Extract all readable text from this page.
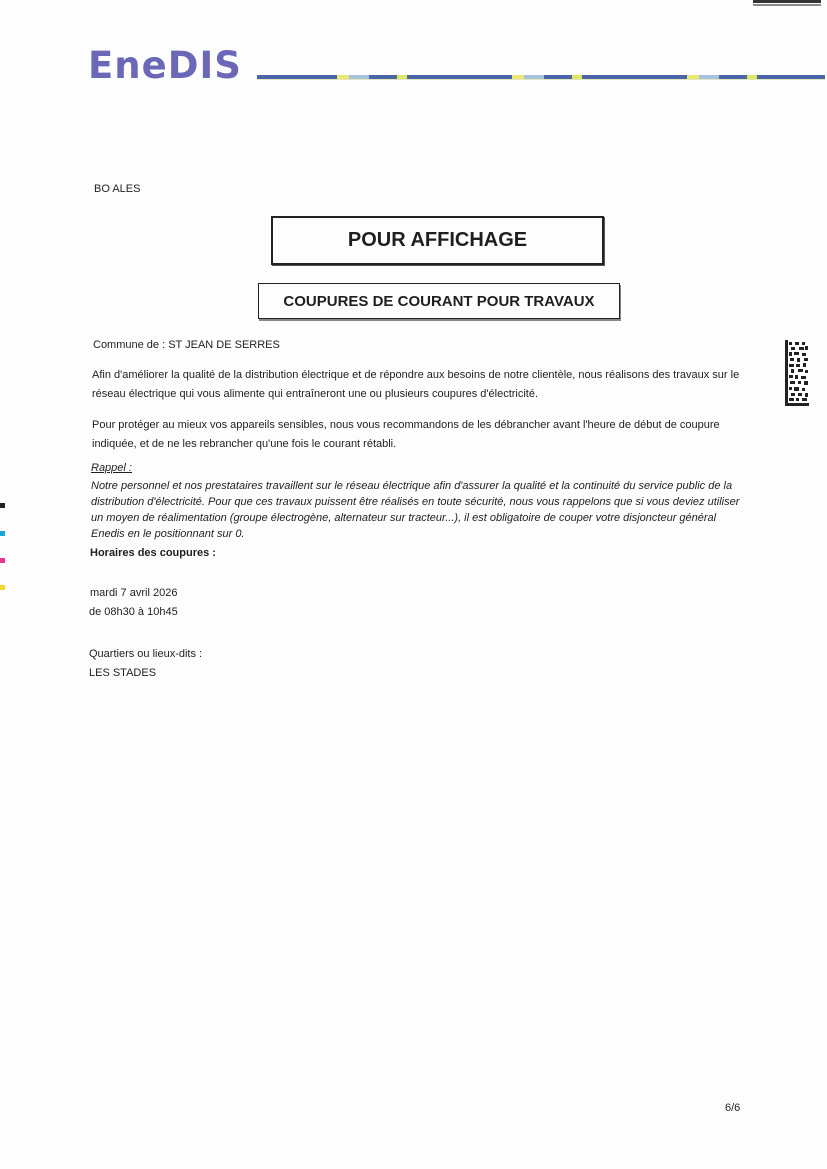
EneDIS
BO ALES
POUR AFFICHAGE
COUPURES DE COURANT POUR TRAVAUX
Commune de : ST JEAN DE SERRES
Afin d'améliorer la qualité de la distribution électrique et de répondre aux besoins de notre clientèle, nous réalisons des travaux sur le réseau électrique qui vous alimente qui entraîneront une ou plusieurs coupures d'électricité.
Pour protéger au mieux vos appareils sensibles, nous vous recommandons de les débrancher avant l'heure de début de coupure indiquée, et de ne les rebrancher qu'une fois le courant rétabli.
Rappel :
Notre personnel et nos prestataires travaillent sur le réseau électrique afin d'assurer la qualité et la continuité du service public de la distribution d'électricité. Pour que ces travaux puissent être réalisés en toute sécurité, nous vous rappelons que si vous deviez utiliser un moyen de réalimentation (groupe électrogène, alternateur sur tracteur...), il est obligatoire de couper votre disjoncteur général Enedis en le positionnant sur 0.
Horaires des coupures :
mardi 7 avril 2026
de 08h30 à 10h45
Quartiers ou lieux-dits :
LES STADES
6/6
